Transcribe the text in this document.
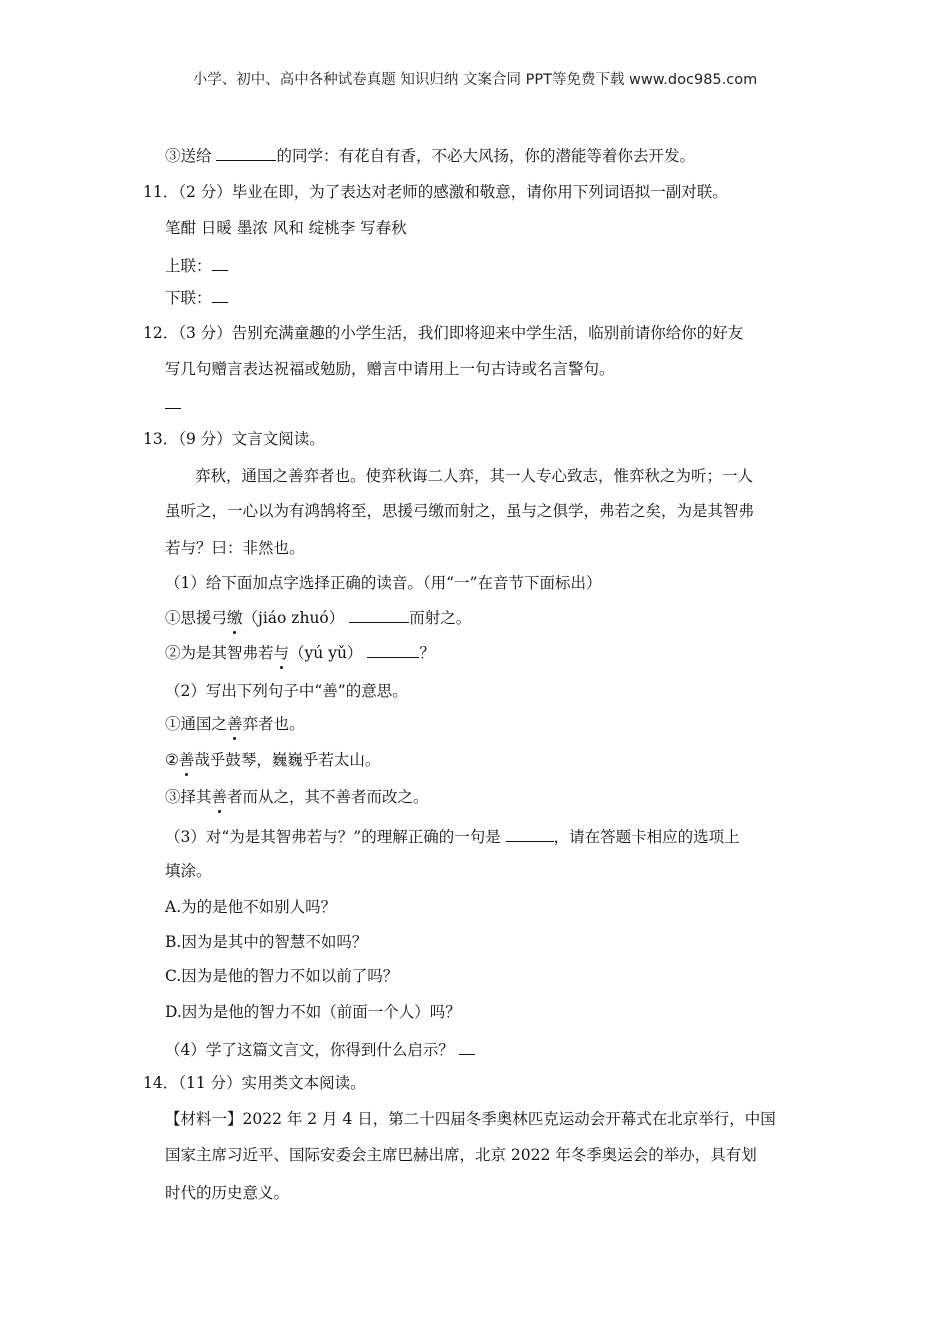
小学、初中、高中各种试卷真题 知识归纳 文案合同 PPT等免费下载 www.doc985.com
③送给	的同学：有花自有香，不必大风扬，你的潜能等着你去开发。
11．（2 分）毕业在即，为了表达对老师的感激和敬意，请你用下列词语拟一副对联。
笔酣 日暖 墨浓 风和 绽桃李 写春秋
上联：
下联：
12．（3 分）告别充满童趣的小学生活，我们即将迎来中学生活，临别前请你给你的好友
写几句赠言表达祝福或勉励，赠言中请用上一句古诗或名言警句。
13．（9 分）文言文阅读。
弈秋，通国之善弈者也。使弈秋诲二人弈，其一人专心致志，惟弈秋之为听；一人
虽听之，一心以为有鸿鹄将至，思援弓缴而射之，虽与之俱学，弗若之矣，为是其智弗
若与？曰：非然也。
（1）给下面加点字选择正确的读音。（用“一”在音节下面标出）
①思援弓缴（jiáo zhuó）	而射之。
②为是其智弗若与（yú yǔ）	？
（2）写出下列句子中“善”的意思。
①通国之善弈者也。
②善哉乎鼓琴，巍巍乎若太山。
③择其善者而从之，其不善者而改之。
（3）对“为是其智弗若与？”的理解正确的一句是	，请在答题卡相应的选项上
填涂。
A.为的是他不如别人吗？
B.因为是其中的智慧不如吗？
C.因为是他的智力不如以前了吗？
D.因为是他的智力不如（前面一个人）吗？
（4）学了这篇文言文，你得到什么启示？
14．（11 分）实用类文本阅读。
【材料一】2022 年 2 月 4 日，第二十四届冬季奥林匹克运动会开幕式在北京举行，中国
国家主席习近平、国际安委会主席巴赫出席，北京 2022 年冬季奥运会的举办，具有划
时代的历史意义。
